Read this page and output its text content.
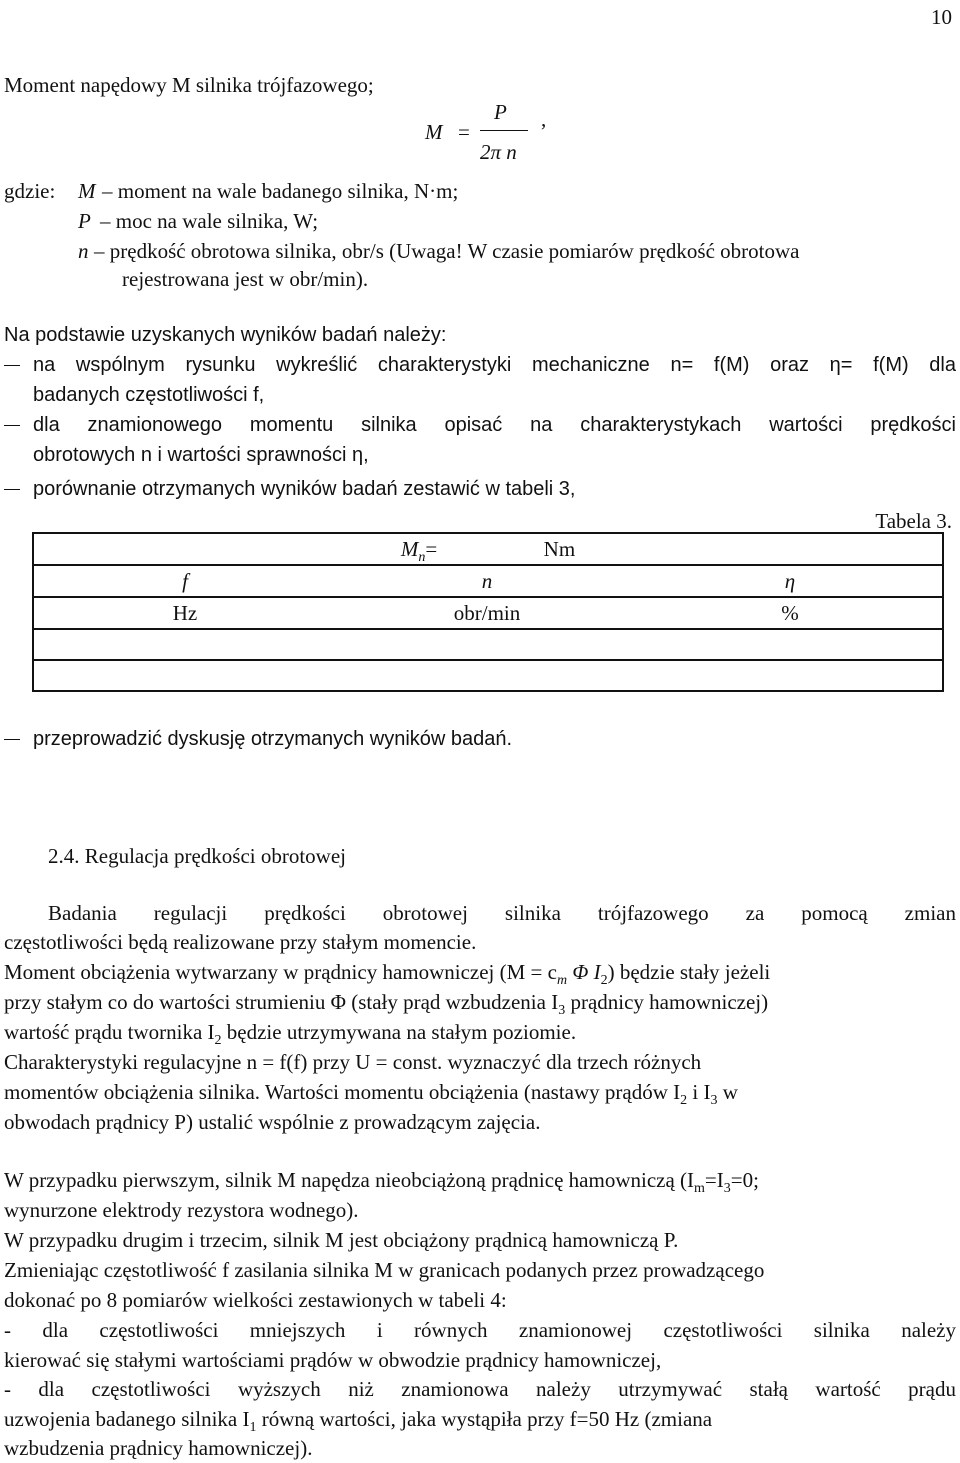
10
Moment napędowy M silnika trójfazowego;
M =
P
2π n
,
gdzie: M – moment na wale badanego silnika, N·m;
P – moc na wale silnika, W;
n – prędkość obrotowa silnika, obr/s (Uwaga! W czasie pomiarów prędkość obrotowa
rejestrowana jest w obr/min).
Na podstawie uzyskanych wyników badań należy:
na wspólnym rysunku wykreślić charakterystyki mechaniczne n= f(M) oraz η= f(M) dla
badanych częstotliwości f,
dla znamionowego momentu silnika opisać na charakterystykach wartości prędkości
obrotowych n i wartości sprawności η,
porównanie otrzymanych wyników badań zestawić w tabeli 3,
Tabela 3.
$M_n= Nm$		
f	n	η
Hz	obr/min	%

przeprowadzić dyskusję otrzymanych wyników badań.
2.4. Regulacja prędkości obrotowej
Badania regulacji prędkości obrotowej silnika trójfazowego za pomocą zmian
częstotliwości będą realizowane przy stałym momencie.
Moment obciążenia wytwarzany w prądnicy hamowniczej ($M = c_m$ Φ $I_2$) będzie stały jeżeli
przy stałym co do wartości strumieniu Φ (stały prąd wzbudzenia $I_3$ prądnicy hamowniczej)
wartość prądu twornika $I_2$ będzie utrzymywana na stałym poziomie.
Charakterystyki regulacyjne n = f(f) przy U = const. wyznaczyć dla trzech różnych
momentów obciążenia silnika. Wartości momentu obciążenia (nastawy prądów $I_2$ i $I_3$ w
obwodach prądnicy P) ustalić wspólnie z prowadzącym zajęcia.
W przypadku pierwszym, silnik M napędza nieobciążoną prądnicę hamowniczą ($I_m=I_3=0$;
wynurzone elektrody rezystora wodnego).
W przypadku drugim i trzecim, silnik M jest obciążony prądnicą hamowniczą P.
Zmieniając częstotliwość f zasilania silnika M w granicach podanych przez prowadzącego
dokonać po 8 pomiarów wielkości zestawionych w tabeli 4:
- dla częstotliwości mniejszych i równych znamionowej częstotliwości silnika należy
kierować się stałymi wartościami prądów w obwodzie prądnicy hamowniczej,
- dla częstotliwości wyższych niż znamionowa należy utrzymywać stałą wartość prądu
uzwojenia badanego silnika $I_1$ równą wartości, jaka wystąpiła przy f=50 Hz (zmiana
wzbudzenia prądnicy hamowniczej).
